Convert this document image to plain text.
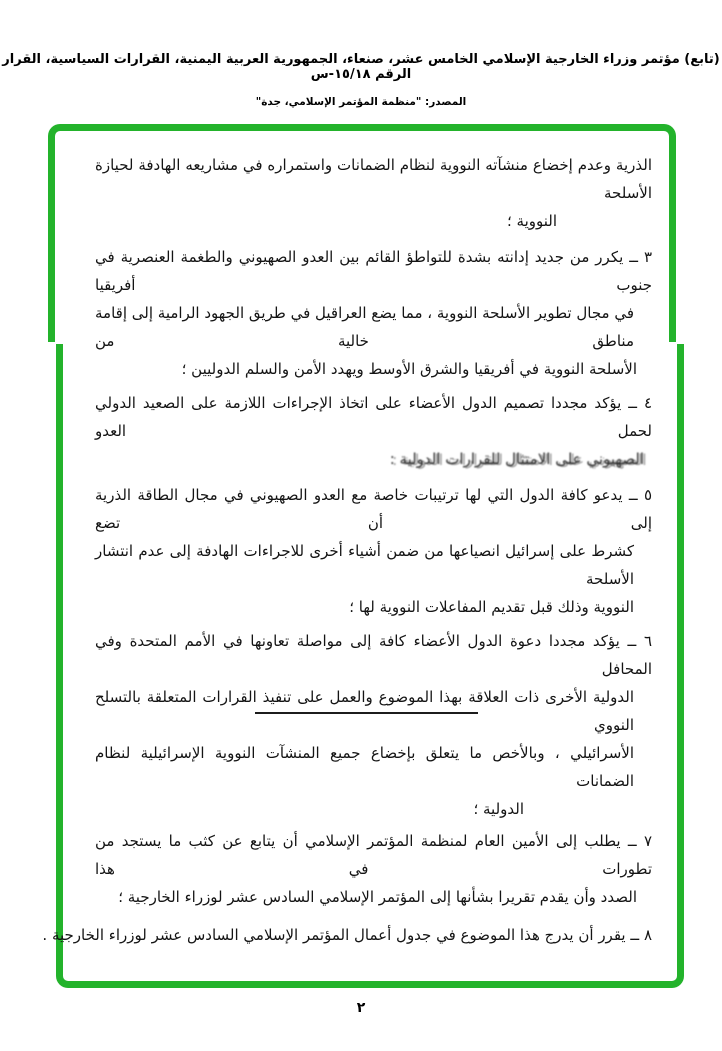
(تابع) مؤتمر وزراء الخارجية الإسلامي الخامس عشر، صنعاء، الجمهورية العربية اليمنية، القرارات السياسية، القرار الرقم ١٥/١٨-س
المصدر: "منظمة المؤتمر الإسلامي، جدة"
الذرية وعدم إخضاع منشآته النووية لنظام الضمانات واستمراره في مشاريعه الهادفة لحيازة الأسلحة
النووية ؛
٣ ــ يكرر من جديد إدانته بشدة للتواطؤ القائم بين العدو الصهيوني والطغمة العنصرية في جنوب أفريقيا
في مجال تطوير الأسلحة النووية ، مما يضع العراقيل في طريق الجهود الرامية إلى إقامة مناطق خالية من
الأسلحة النووية في أفريقيا والشرق الأوسط ويهدد الأمن والسلم الدوليين ؛
٤ ــ يؤكد مجددا تصميم الدول الأعضاء على اتخاذ الإجراءات اللازمة على الصعيد الدولي لحمل العدو
الصهيوني على الامتثال للقرارات الدولية :
٥ ــ يدعو كافة الدول التي لها ترتيبات خاصة مع العدو الصهيوني في مجال الطاقة الذرية إلى أن تضع
كشرط على إسرائيل انصياعها من ضمن أشياء أخرى للاجراءات الهادفة إلى عدم انتشار الأسلحة
النووية وذلك قبل تقديم المفاعلات النووية لها ؛
٦ ــ يؤكد مجددا دعوة الدول الأعضاء كافة إلى مواصلة تعاونها في الأمم المتحدة وفي المحافل
الدولية الأخرى ذات العلاقة بهذا الموضوع والعمل على تنفيذ القرارات المتعلقة بالتسلح النووي
الأسرائيلي ، وبالأخص ما يتعلق بإخضاع جميع المنشآت النووية الإسرائيلية لنظام الضمانات
الدولية ؛
٧ ــ يطلب إلى الأمين العام لمنظمة المؤتمر الإسلامي أن يتابع عن كثب ما يستجد من تطورات في هذا
الصدد وأن يقدم تقريرا بشأنها إلى المؤتمر الإسلامي السادس عشر لوزراء الخارجية ؛
٨ ــ يقرر أن يدرج هذا الموضوع في جدول أعمال المؤتمر الإسلامي السادس عشر لوزراء الخارجية .
٢
